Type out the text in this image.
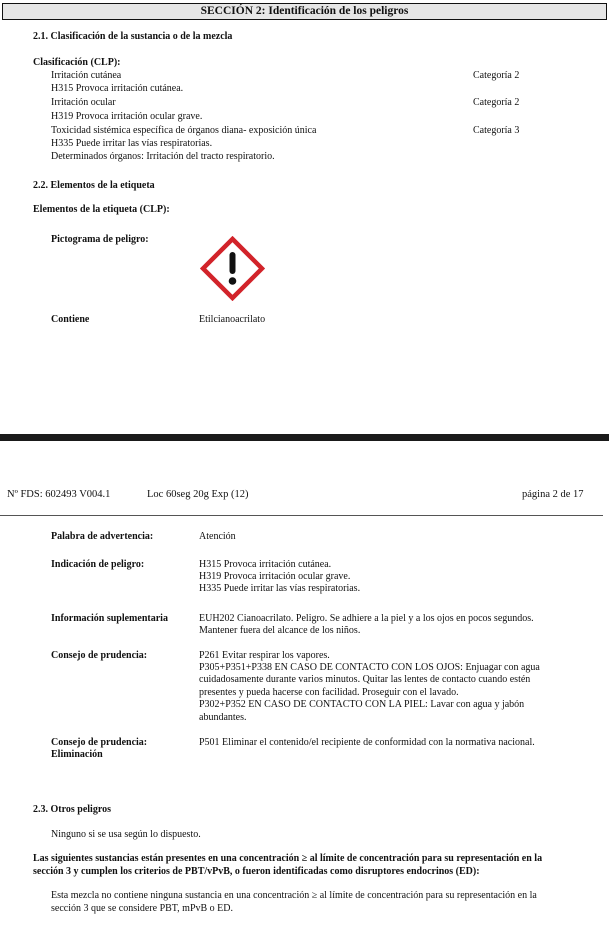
SECCIÓN 2: Identificación de los peligros
2.1. Clasificación de la sustancia o de la mezcla
Clasificación (CLP):
Irritación cutánea	Categoría 2
H315 Provoca irritación cutánea.
Irritación ocular	Categoría 2
H319 Provoca irritación ocular grave.
Toxicidad sistémica específica de órganos diana- exposición única	Categoría 3
H335 Puede irritar las vías respiratorias.
Determinados órganos: Irritación del tracto respiratorio.
2.2. Elementos de la etiqueta
Elementos de la etiqueta (CLP):
Pictograma de peligro:
Contiene	Etilcianoacrilato
Nº FDS: 602493 V004.1	Loc 60seg 20g Exp (12)	página 2 de 17
Palabra de advertencia:	Atención
Indicación de peligro:	H315 Provoca irritación cutánea.
H319 Provoca irritación ocular grave.
H335 Puede irritar las vías respiratorias.
Información suplementaria	EUH202 Cianoacrilato. Peligro. Se adhiere a la piel y a los ojos en pocos segundos.
Mantener fuera del alcance de los niños.
Consejo de prudencia:	P261 Evitar respirar los vapores.
P305+P351+P338 EN CASO DE CONTACTO CON LOS OJOS: Enjuagar con agua
cuidadosamente durante varios minutos. Quitar las lentes de contacto cuando estén
presentes y pueda hacerse con facilidad. Proseguir con el lavado.
P302+P352 EN CASO DE CONTACTO CON LA PIEL: Lavar con agua y jabón
abundantes.
Consejo de prudencia:
Eliminación
P501 Eliminar el contenido/el recipiente de conformidad con la normativa nacional.
2.3. Otros peligros
Ninguno si se usa según lo dispuesto.
Las siguientes sustancias están presentes en una concentración ≥ al límite de concentración para su representación en la
sección 3 y cumplen los criterios de PBT/vPvB, o fueron identificadas como disruptores endocrinos (ED):
Esta mezcla no contiene ninguna sustancia en una concentración ≥ al límite de concentración para su representación en la
sección 3 que se considere PBT, mPvB o ED.
